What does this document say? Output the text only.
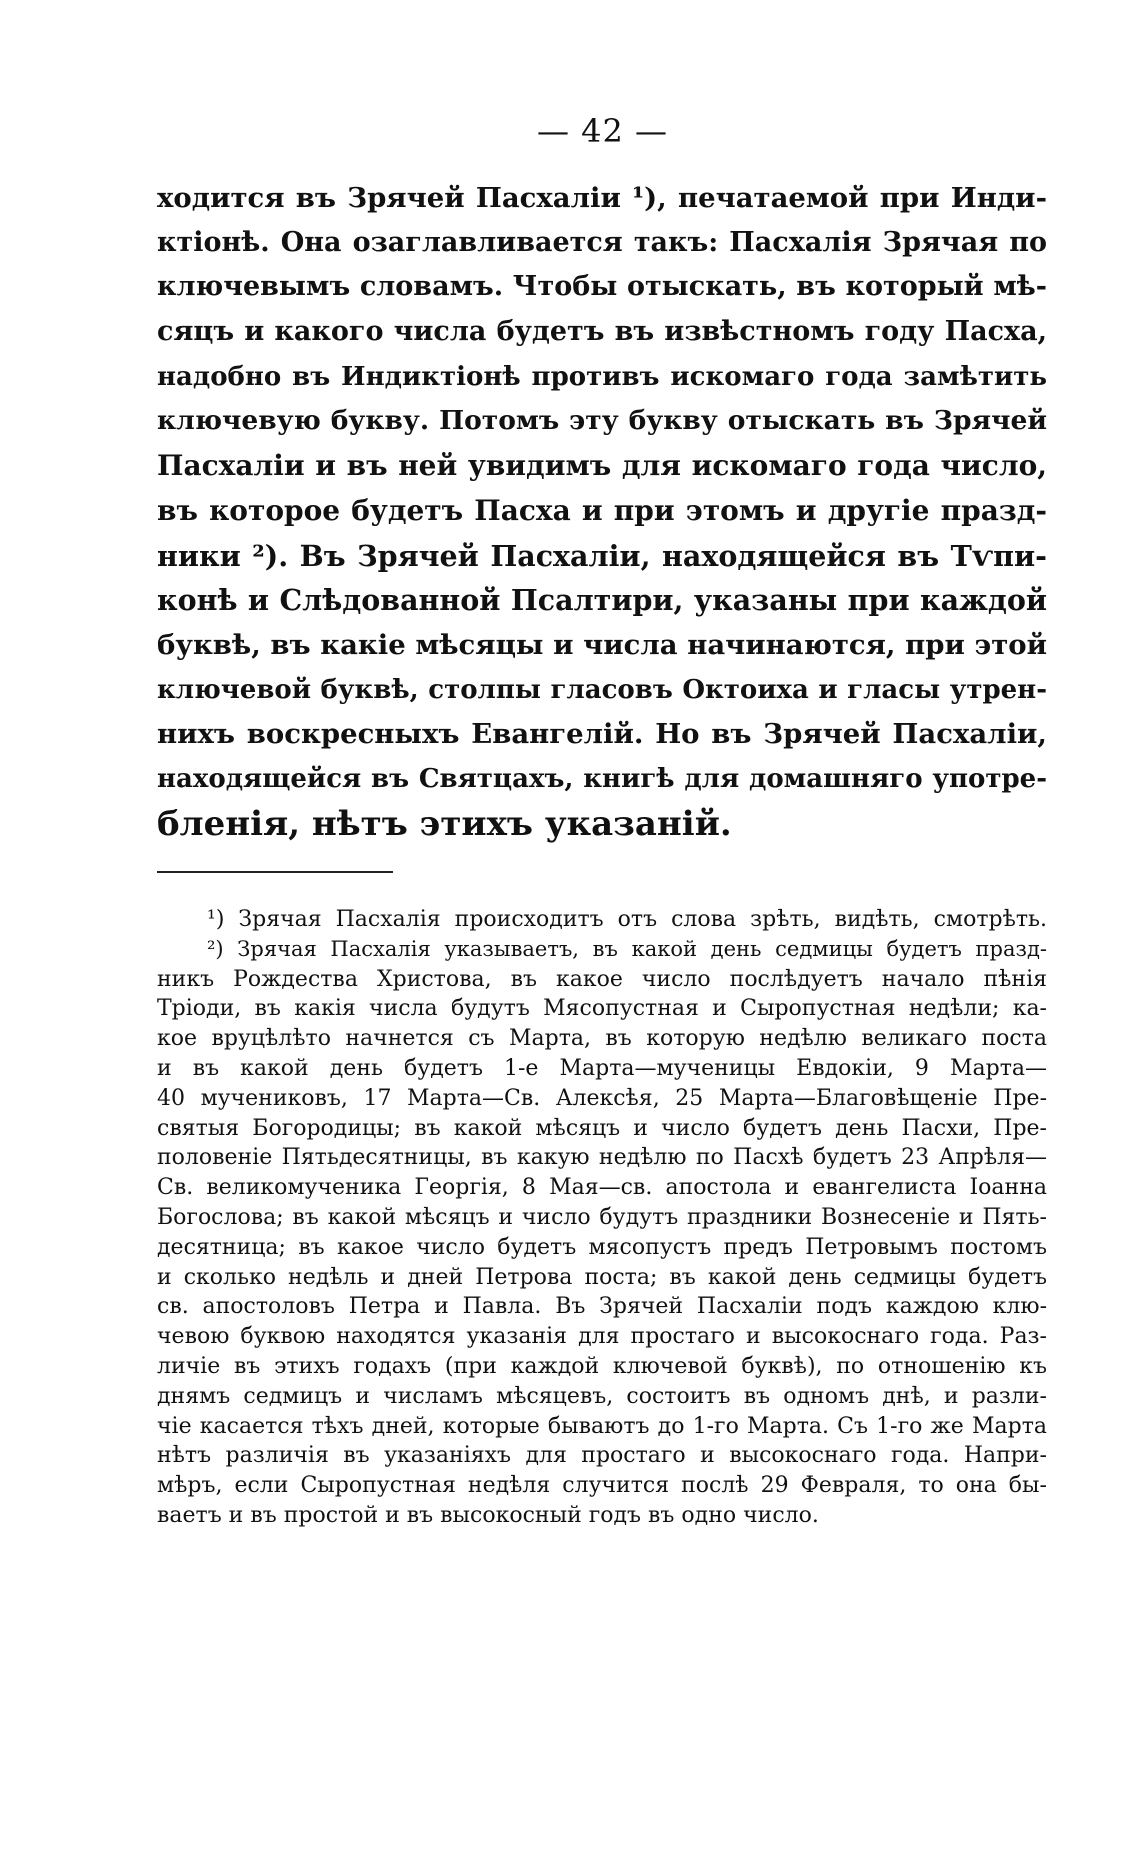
— 42 —
ходится въ Зрячей Пасхаліи ¹), печатаемой при Инди-
ктіонѣ. Она озаглавливается такъ: Пасхалія Зрячая по
ключевымъ словамъ. Чтобы отыскать, въ который мѣ-
сяцъ и какого числа будетъ въ извѣстномъ году Пасха,
надобно въ Индиктіонѣ противъ искомаго года замѣтить
ключевую букву. Потомъ эту букву отыскать въ Зрячей
Пасхаліи и въ ней увидимъ для искомаго года число,
въ которое будетъ Пасха и при этомъ и другіе празд-
ники ²). Въ Зрячей Пасхаліи, находящейся въ Тѵпи-
конѣ и Слѣдованной Псалтири, указаны при каждой
буквѣ, въ какіе мѣсяцы и числа начинаются, при этой
ключевой буквѣ, столпы гласовъ Октоиха и гласы утрен-
нихъ воскресныхъ Евангелій. Но въ Зрячей Пасхаліи,
находящейся въ Святцахъ, книгѣ для домашняго употре-
бленія, нѣтъ этихъ указаній.
¹) Зрячая Пасхалія происходитъ отъ слова зрѣть, видѣть, смотрѣть.
²) Зрячая Пасхалія указываетъ, въ какой день седмицы будетъ празд-
никъ Рождества Христова, въ какое число послѣдуетъ начало пѣнія
Тріоди, въ какія числа будутъ Мясопустная и Сыропустная недѣли; ка-
кое вруцѣлѣто начнется съ Марта, въ которую недѣлю великаго поста
и въ какой день будетъ 1-е Марта—мученицы Евдокіи, 9 Марта—
40 мучениковъ, 17 Марта—Св. Алексѣя, 25 Марта—Благовѣщеніе Пре-
святыя Богородицы; въ какой мѣсяцъ и число будетъ день Пасхи, Пре-
половеніе Пятьдесятницы, въ какую недѣлю по Пасхѣ будетъ 23 Апрѣля—
Св. великомученика Георгія, 8 Мая—св. апостола и евангелиста Іоанна
Богослова; въ какой мѣсяцъ и число будутъ праздники Вознесеніе и Пять-
десятница; въ какое число будетъ мясопустъ предъ Петровымъ постомъ
и сколько недѣль и дней Петрова поста; въ какой день седмицы будетъ
св. апостоловъ Петра и Павла. Въ Зрячей Пасхаліи подъ каждою клю-
чевою буквою находятся указанія для простаго и высокоснаго года. Раз-
личіе въ этихъ годахъ (при каждой ключевой буквѣ), по отношенію къ
днямъ седмицъ и числамъ мѣсяцевъ, состоитъ въ одномъ днѣ, и разли-
чіе касается тѣхъ дней, которые бываютъ до 1-го Марта. Съ 1-го же Марта
нѣтъ различія въ указаніяхъ для простаго и высокоснаго года. Напри-
мѣръ, если Сыропустная недѣля случится послѣ 29 Февраля, то она бы-
ваетъ и въ простой и въ высокосный годъ въ одно число.
